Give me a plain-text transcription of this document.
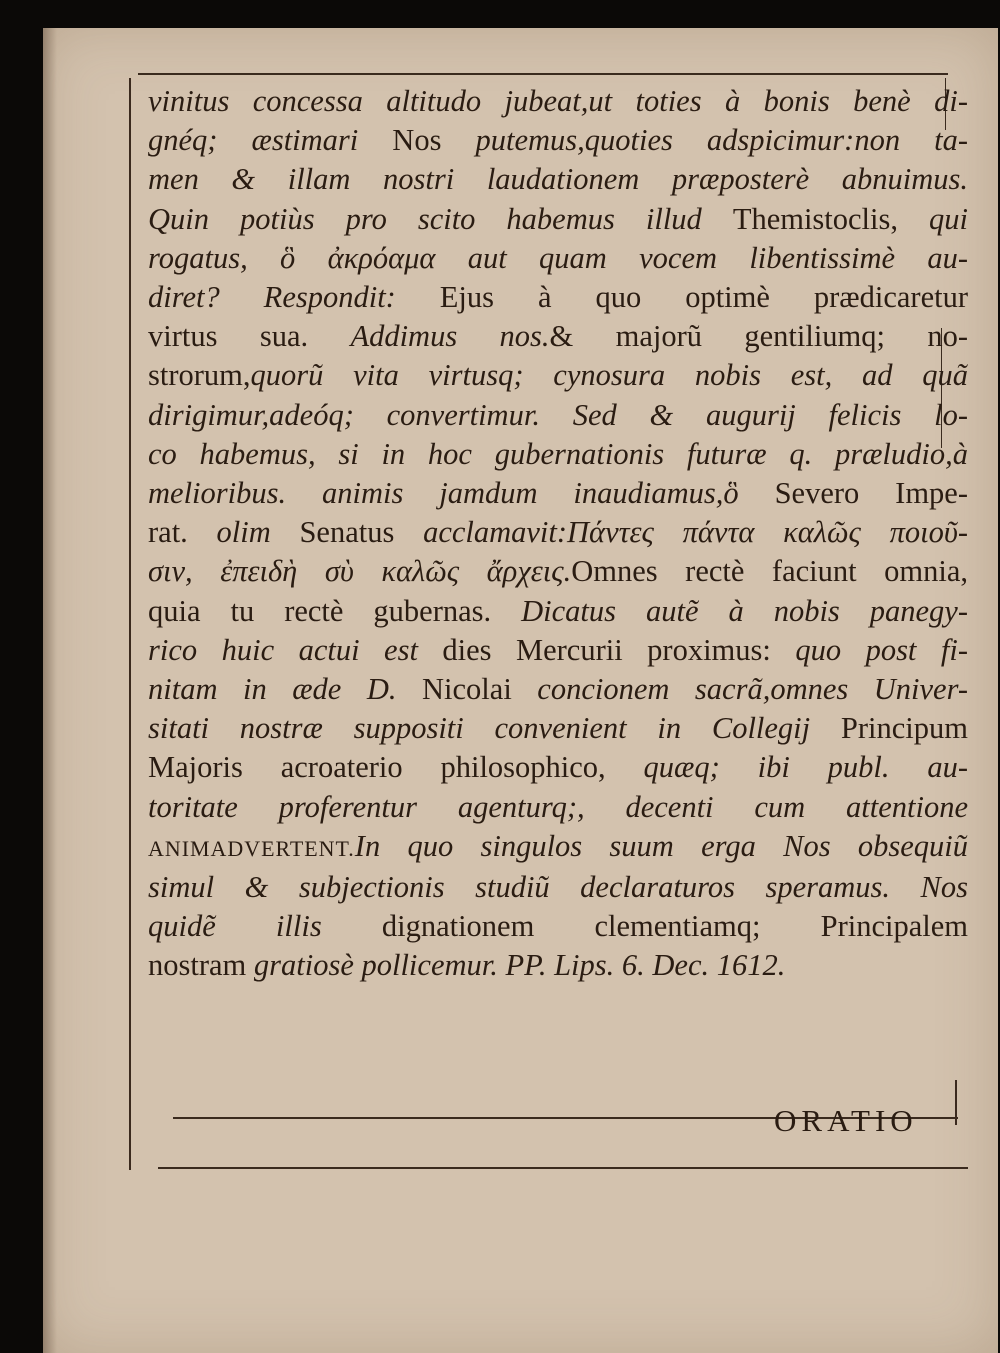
vinitus concessa altitudo jubeat,ut toties à bonis benè di-
gnéq; æstimari Nos putemus,quoties adspicimur:non ta-
men & illam nostri laudationem præposterè abnuimus.
Quin potiùs pro scito habemus illud Themistoclis, qui
rogatus, ὃ ἀκρόαμα aut quam vocem libentissimè au-
diret? Respondit: Ejus à quo optimè prædicaretur
virtus sua. Addimus nos.& majorũ gentiliumq; no-
strorum,quorũ vita virtusq; cynosura nobis est, ad quã
dirigimur,adeóq; convertimur. Sed & augurij felicis lo-
co habemus, si in hoc gubernationis futuræ q. præludio,à
melioribus. animis jamdum inaudiamus,ὃ Severo Impe-
rat. olim Senatus acclamavit:Πάντες πάντα καλῶς ποιοῦ-
σιν, ἐπειδὴ σὺ καλῶς ἄρχεις.Omnes rectè faciunt omnia,
quia tu rectè gubernas. Dicatus autẽ à nobis panegy-
rico huic actui est dies Mercurii proximus: quo post fi-
nitam in æde D. Nicolai concionem sacrã,omnes Univer-
sitati nostræ suppositi convenient in Collegij Principum
Majoris acroaterio philosophico, quæq; ibi publ. au-
toritate proferentur agenturq;, decenti cum attentione
ANIMADVERTENT.In quo singulos suum erga Nos obsequiũ
simul & subjectionis studiũ declaraturos speramus. Nos
quidẽ illis dignationem clementiamq; Principalem
nostram gratiosè pollicemur. PP. Lips. 6. Dec. 1612.
ORATIO
